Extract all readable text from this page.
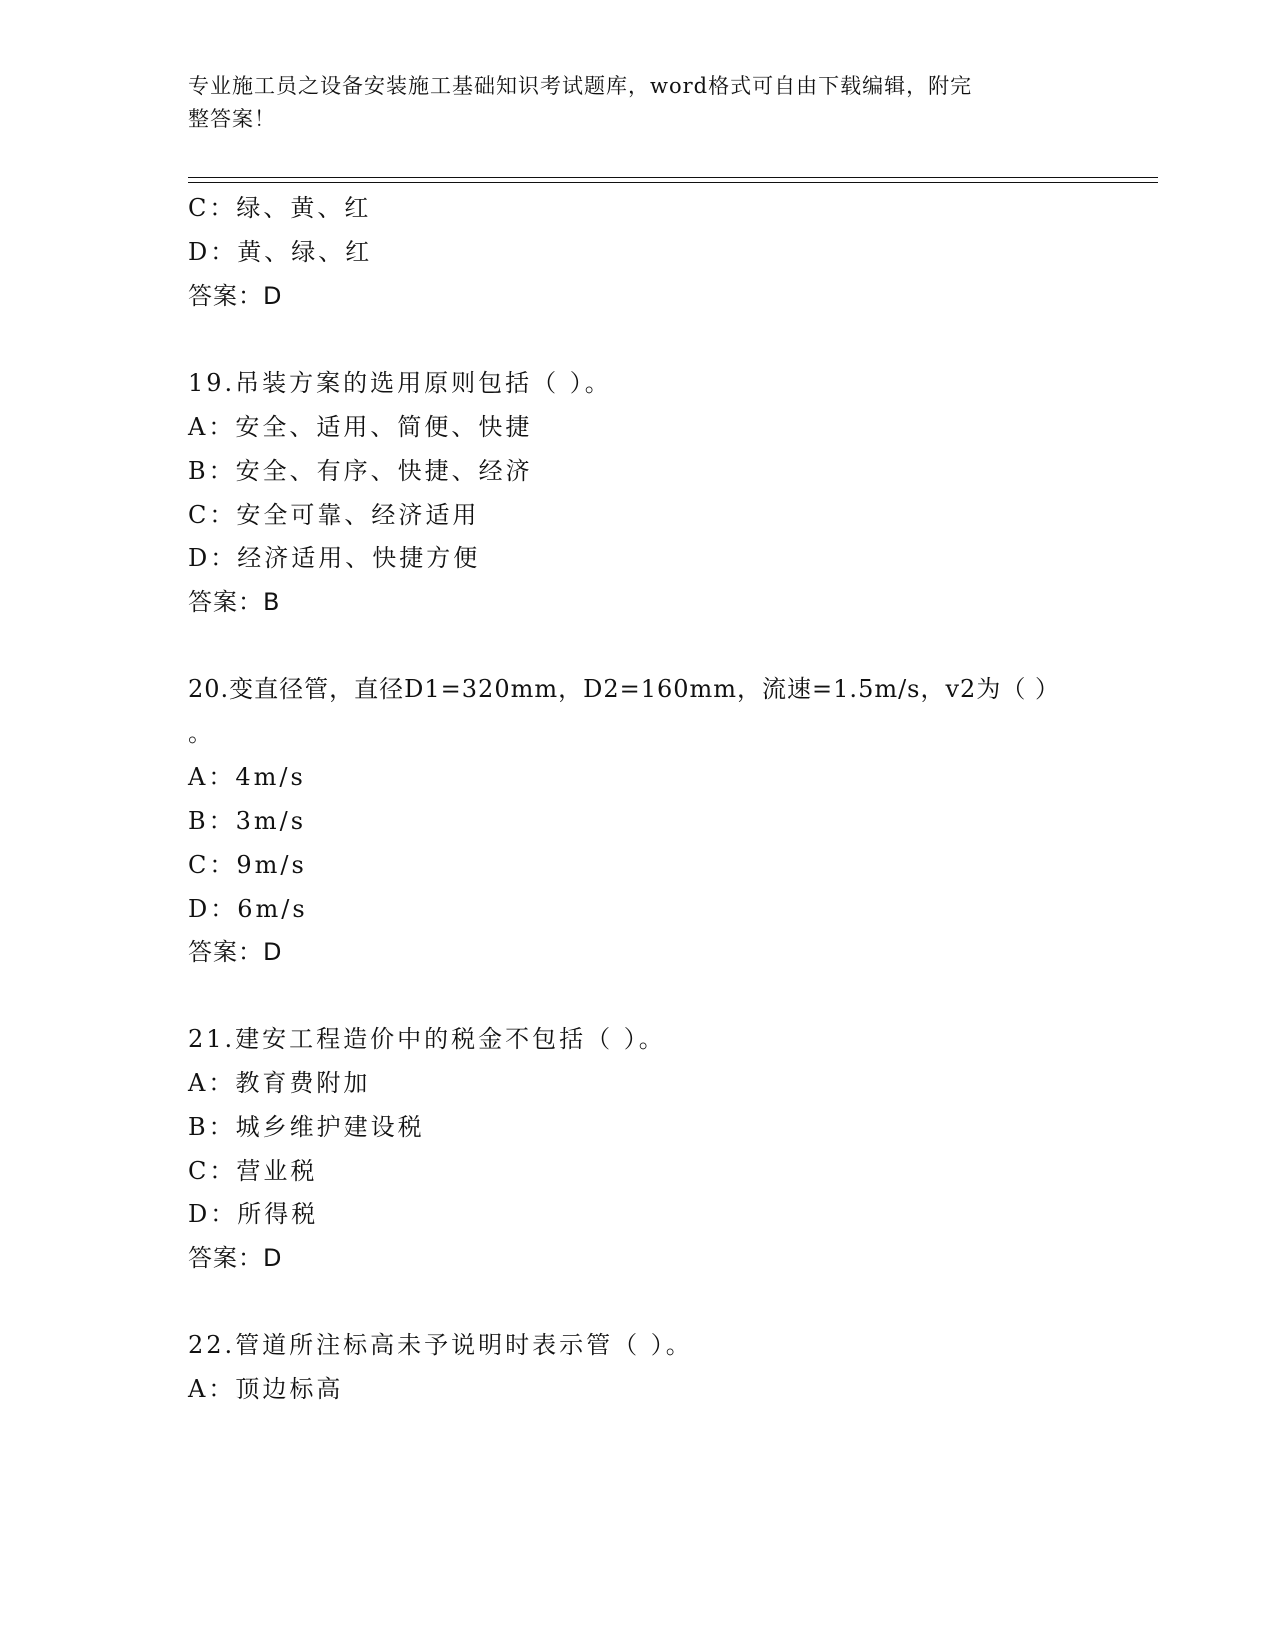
专业施工员之设备安装施工基础知识考试题库，word格式可自由下载编辑，附完
整答案！
C：绿、黄、红
D：黄、绿、红
答案：D
19.吊装方案的选用原则包括（ ）。
A：安全、适用、简便、快捷
B：安全、有序、快捷、经济
C：安全可靠、经济适用
D：经济适用、快捷方便
答案：B
20.变直径管，直径D1=320mm，D2=160mm，流速=1.5m/s，v2为（ ）
。
A：4m/s
B：3m/s
C：9m/s
D：6m/s
答案：D
21.建安工程造价中的税金不包括（ ）。
A：教育费附加
B：城乡维护建设税
C：营业税
D：所得税
答案：D
22.管道所注标高未予说明时表示管（ ）。
A：顶边标高
